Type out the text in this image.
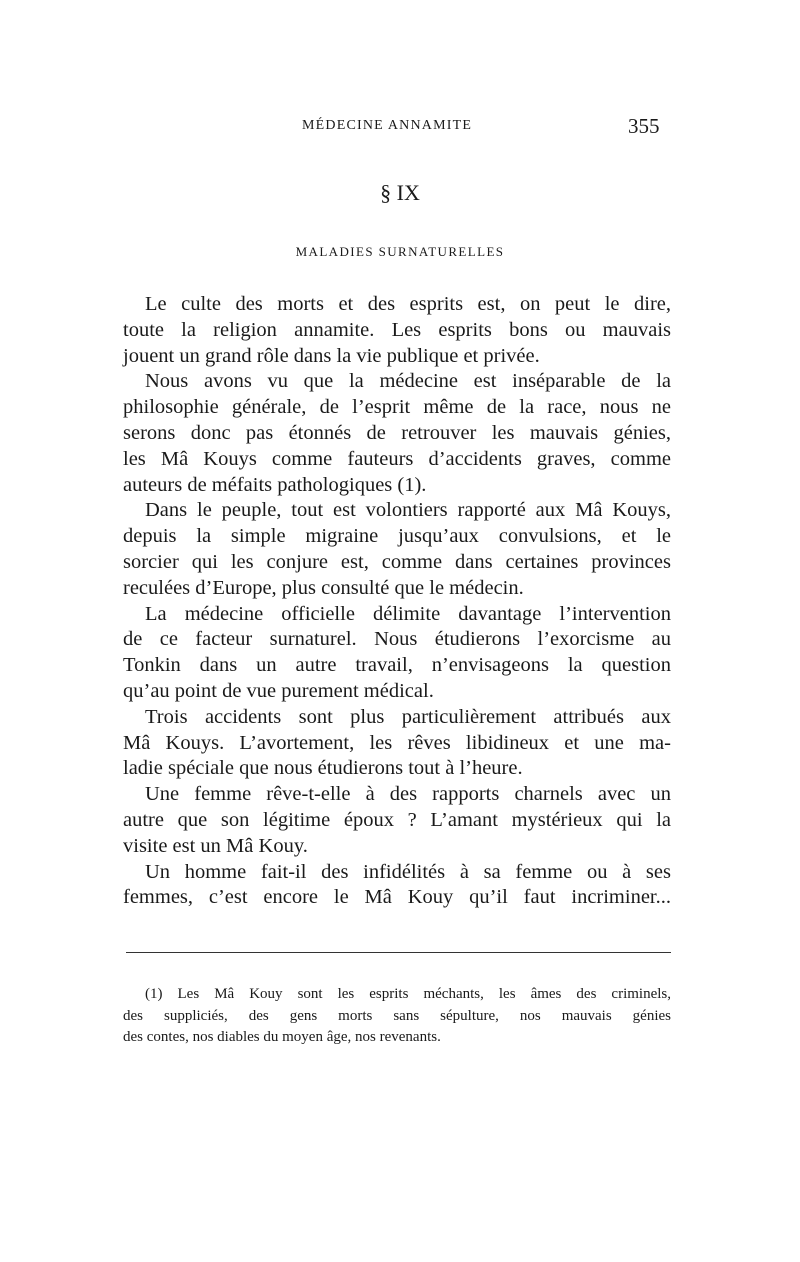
MÉDECINE ANNAMITE	355
§ IX
MALADIES SURNATURELLES

Le culte des morts et des esprits est, on peut le dire,
toute la religion annamite. Les esprits bons ou mauvais
jouent un grand rôle dans la vie publique et privée.

Nous avons vu que la médecine est inséparable de la
philosophie générale, de l’esprit même de la race, nous ne
serons donc pas étonnés de retrouver les mauvais génies,
les Mâ Kouys comme fauteurs d’accidents graves, comme
auteurs de méfaits pathologiques (1).

Dans le peuple, tout est volontiers rapporté aux Mâ Kouys,
depuis la simple migraine jusqu’aux convulsions, et le
sorcier qui les conjure est, comme dans certaines provinces
reculées d’Europe, plus consulté que le médecin.

La médecine officielle délimite davantage l’intervention
de ce facteur surnaturel. Nous étudierons l’exorcisme au
Tonkin dans un autre travail, n’envisageons la question
qu’au point de vue purement médical.

Trois accidents sont plus particulièrement attribués aux
Mâ Kouys. L’avortement, les rêves libidineux et une ma-
ladie spéciale que nous étudierons tout à l’heure.

Une femme rêve-t-elle à des rapports charnels avec un
autre que son légitime époux ? L’amant mystérieux qui la
visite est un Mâ Kouy.

Un homme fait-il des infidélités à sa femme ou à ses
femmes, c’est encore le Mâ Kouy qu’il faut incriminer...

(1) Les Mâ Kouy sont les esprits méchants, les âmes des criminels,
des suppliciés, des gens morts sans sépulture, nos mauvais génies
des contes, nos diables du moyen âge, nos revenants.
